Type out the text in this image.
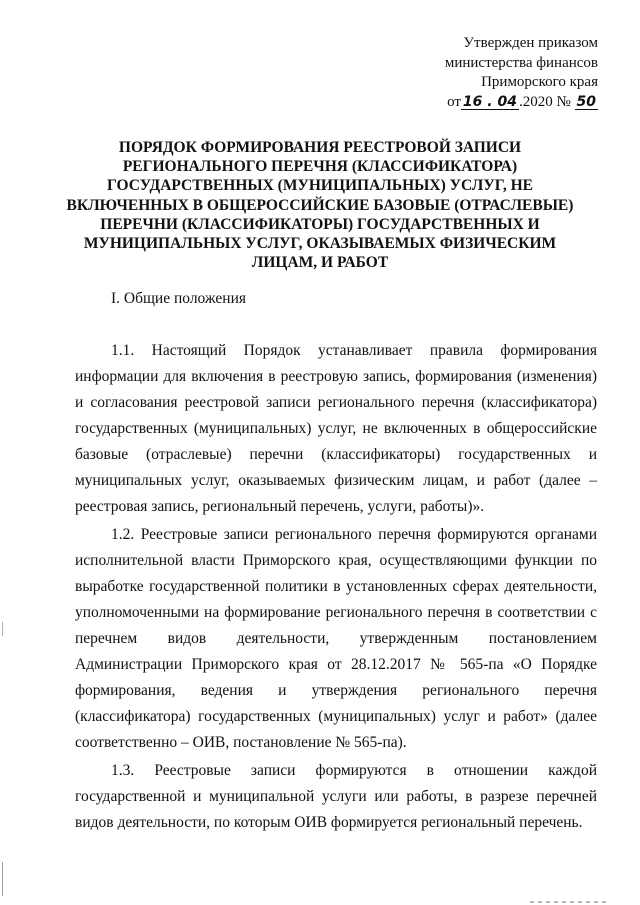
Утвержден приказом
министерства финансов
Приморского края
от 16 . 04 .2020 № 50
ПОРЯДОК ФОРМИРОВАНИЯ РЕЕСТРОВОЙ ЗАПИСИ РЕГИОНАЛЬНОГО ПЕРЕЧНЯ (КЛАССИФИКАТОРА) ГОСУДАРСТВЕННЫХ (МУНИЦИПАЛЬНЫХ) УСЛУГ, НЕ ВКЛЮЧЕННЫХ В ОБЩЕРОССИЙСКИЕ БАЗОВЫЕ (ОТРАСЛЕВЫЕ) ПЕРЕЧНИ (КЛАССИФИКАТОРЫ) ГОСУДАРСТВЕННЫХ И МУНИЦИПАЛЬНЫХ УСЛУГ, ОКАЗЫВАЕМЫХ ФИЗИЧЕСКИМ ЛИЦАМ, И РАБОТ
I. Общие положения

1.1. Настоящий Порядок устанавливает правила формирования информации для включения в реестровую запись, формирования (изменения) и согласования реестровой записи регионального перечня (классификатора) государственных (муниципальных) услуг, не включенных в общероссийские базовые (отраслевые) перечни (классификаторы) государственных и муниципальных услуг, оказываемых физическим лицам, и работ (далее – реестровая запись, региональный перечень, услуги, работы)».

1.2. Реестровые записи регионального перечня формируются органами исполнительной власти Приморского края, осуществляющими функции по выработке государственной политики в установленных сферах деятельности, уполномоченными на формирование регионального перечня в соответствии с перечнем видов деятельности, утвержденным постановлением Администрации Приморского края от 28.12.2017 № 565-па «О Порядке формирования, ведения и утверждения регионального перечня (классификатора) государственных (муниципальных) услуг и работ» (далее соответственно – ОИВ, постановление № 565-па).

1.3. Реестровые записи формируются в отношении каждой государственной и муниципальной услуги или работы, в разрезе перечней видов деятельности, по которым ОИВ формируется региональный перечень.
